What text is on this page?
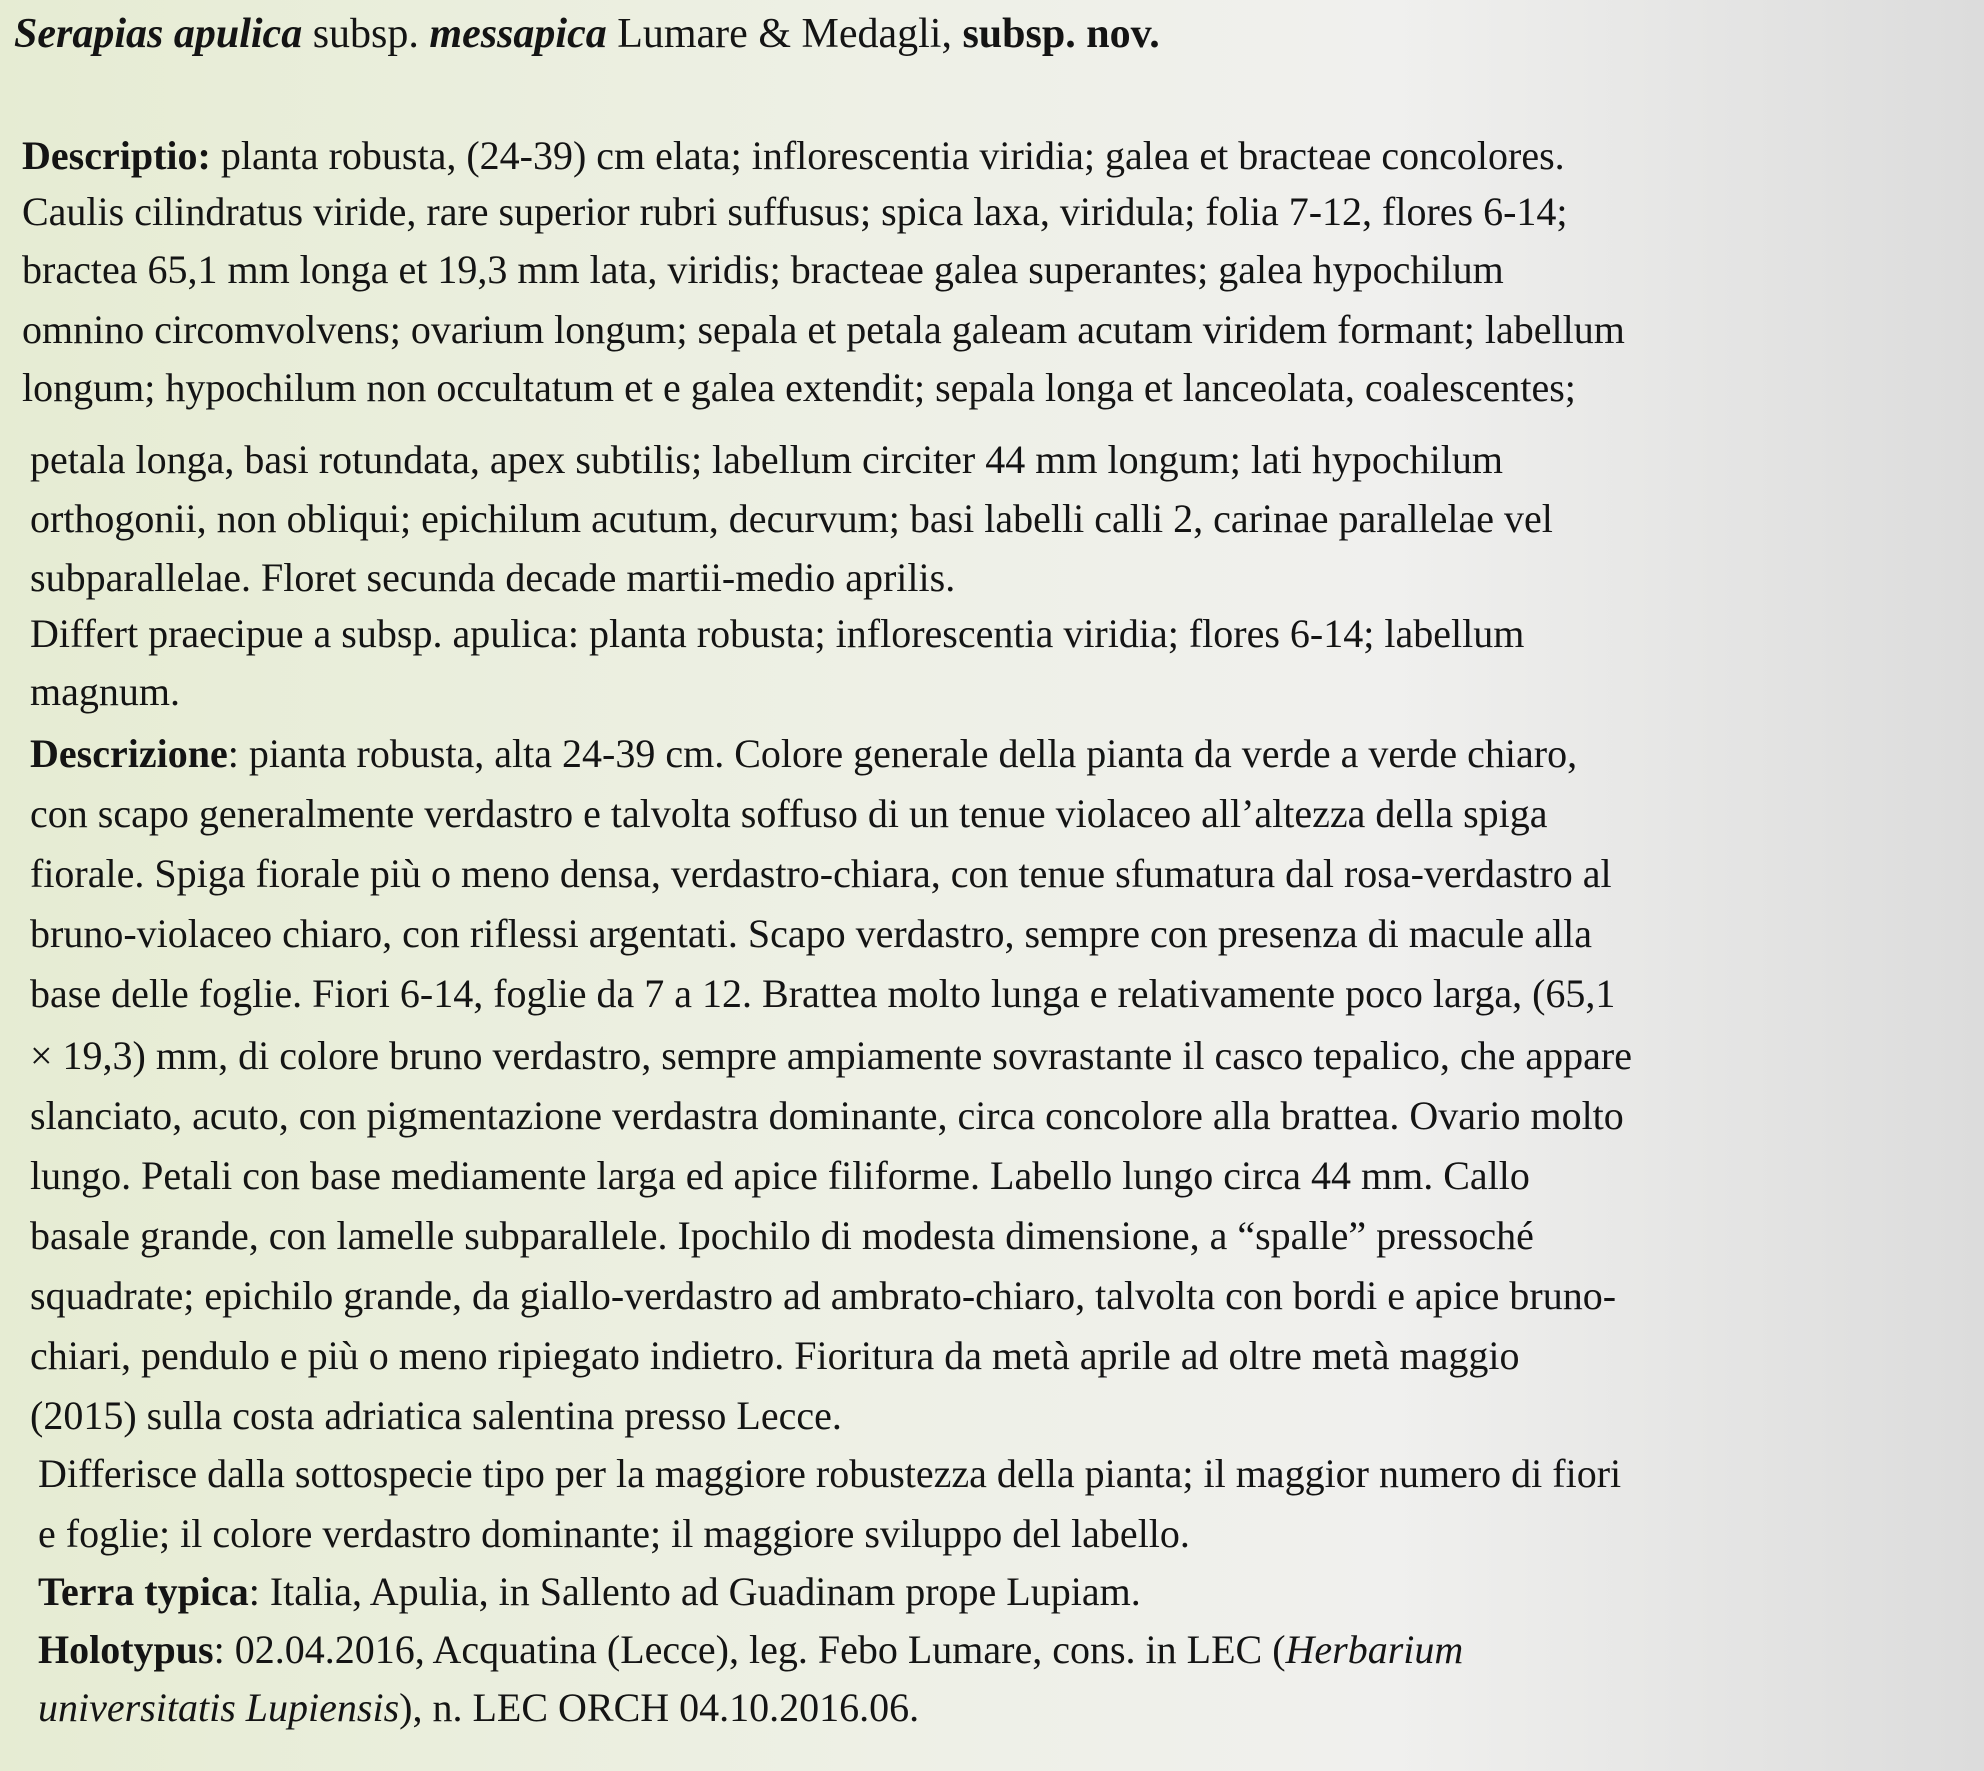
Serapias apulica subsp. messapica Lumare & Medagli, subsp. nov.
Descriptio: planta robusta, (24-39) cm elata; inflorescentia viridia; galea et bracteae concolores.
Caulis cilindratus viride, rare superior rubri suffusus; spica laxa, viridula; folia 7-12, flores 6-14;
bractea 65,1 mm longa et 19,3 mm lata, viridis; bracteae galea superantes; galea hypochilum
omnino circomvolvens; ovarium longum; sepala et petala galeam acutam viridem formant; labellum
longum; hypochilum non occultatum et e galea extendit; sepala longa et lanceolata, coalescentes;
petala longa, basi rotundata, apex subtilis; labellum circiter 44 mm longum; lati hypochilum
orthogonii, non obliqui; epichilum acutum, decurvum; basi labelli calli 2, carinae parallelae vel
subparallelae. Floret secunda decade martii-medio aprilis.
Differt praecipue a subsp. apulica: planta robusta; inflorescentia viridia; flores 6-14; labellum
magnum.
Descrizione: pianta robusta, alta 24-39 cm. Colore generale della pianta da verde a verde chiaro,
con scapo generalmente verdastro e talvolta soffuso di un tenue violaceo all’altezza della spiga
fiorale. Spiga fiorale più o meno densa, verdastro-chiara, con tenue sfumatura dal rosa-verdastro al
bruno-violaceo chiaro, con riflessi argentati. Scapo verdastro, sempre con presenza di macule alla
base delle foglie. Fiori 6-14, foglie da 7 a 12. Brattea molto lunga e relativamente poco larga, (65,1
× 19,3) mm, di colore bruno verdastro, sempre ampiamente sovrastante il casco tepalico, che appare
slanciato, acuto, con pigmentazione verdastra dominante, circa concolore alla brattea. Ovario molto
lungo. Petali con base mediamente larga ed apice filiforme. Labello lungo circa 44 mm. Callo
basale grande, con lamelle subparallele. Ipochilo di modesta dimensione, a “spalle” pressoché
squadrate; epichilo grande, da giallo-verdastro ad ambrato-chiaro, talvolta con bordi e apice bruno-
chiari, pendulo e più o meno ripiegato indietro. Fioritura da metà aprile ad oltre metà maggio
(2015) sulla costa adriatica salentina presso Lecce.
Differisce dalla sottospecie tipo per la maggiore robustezza della pianta; il maggior numero di fiori
e foglie; il colore verdastro dominante; il maggiore sviluppo del labello.
Terra typica: Italia, Apulia, in Sallento ad Guadinam prope Lupiam.
Holotypus: 02.04.2016, Acquatina (Lecce), leg. Febo Lumare, cons. in LEC (Herbarium
universitatis Lupiensis), n. LEC ORCH 04.10.2016.06.
